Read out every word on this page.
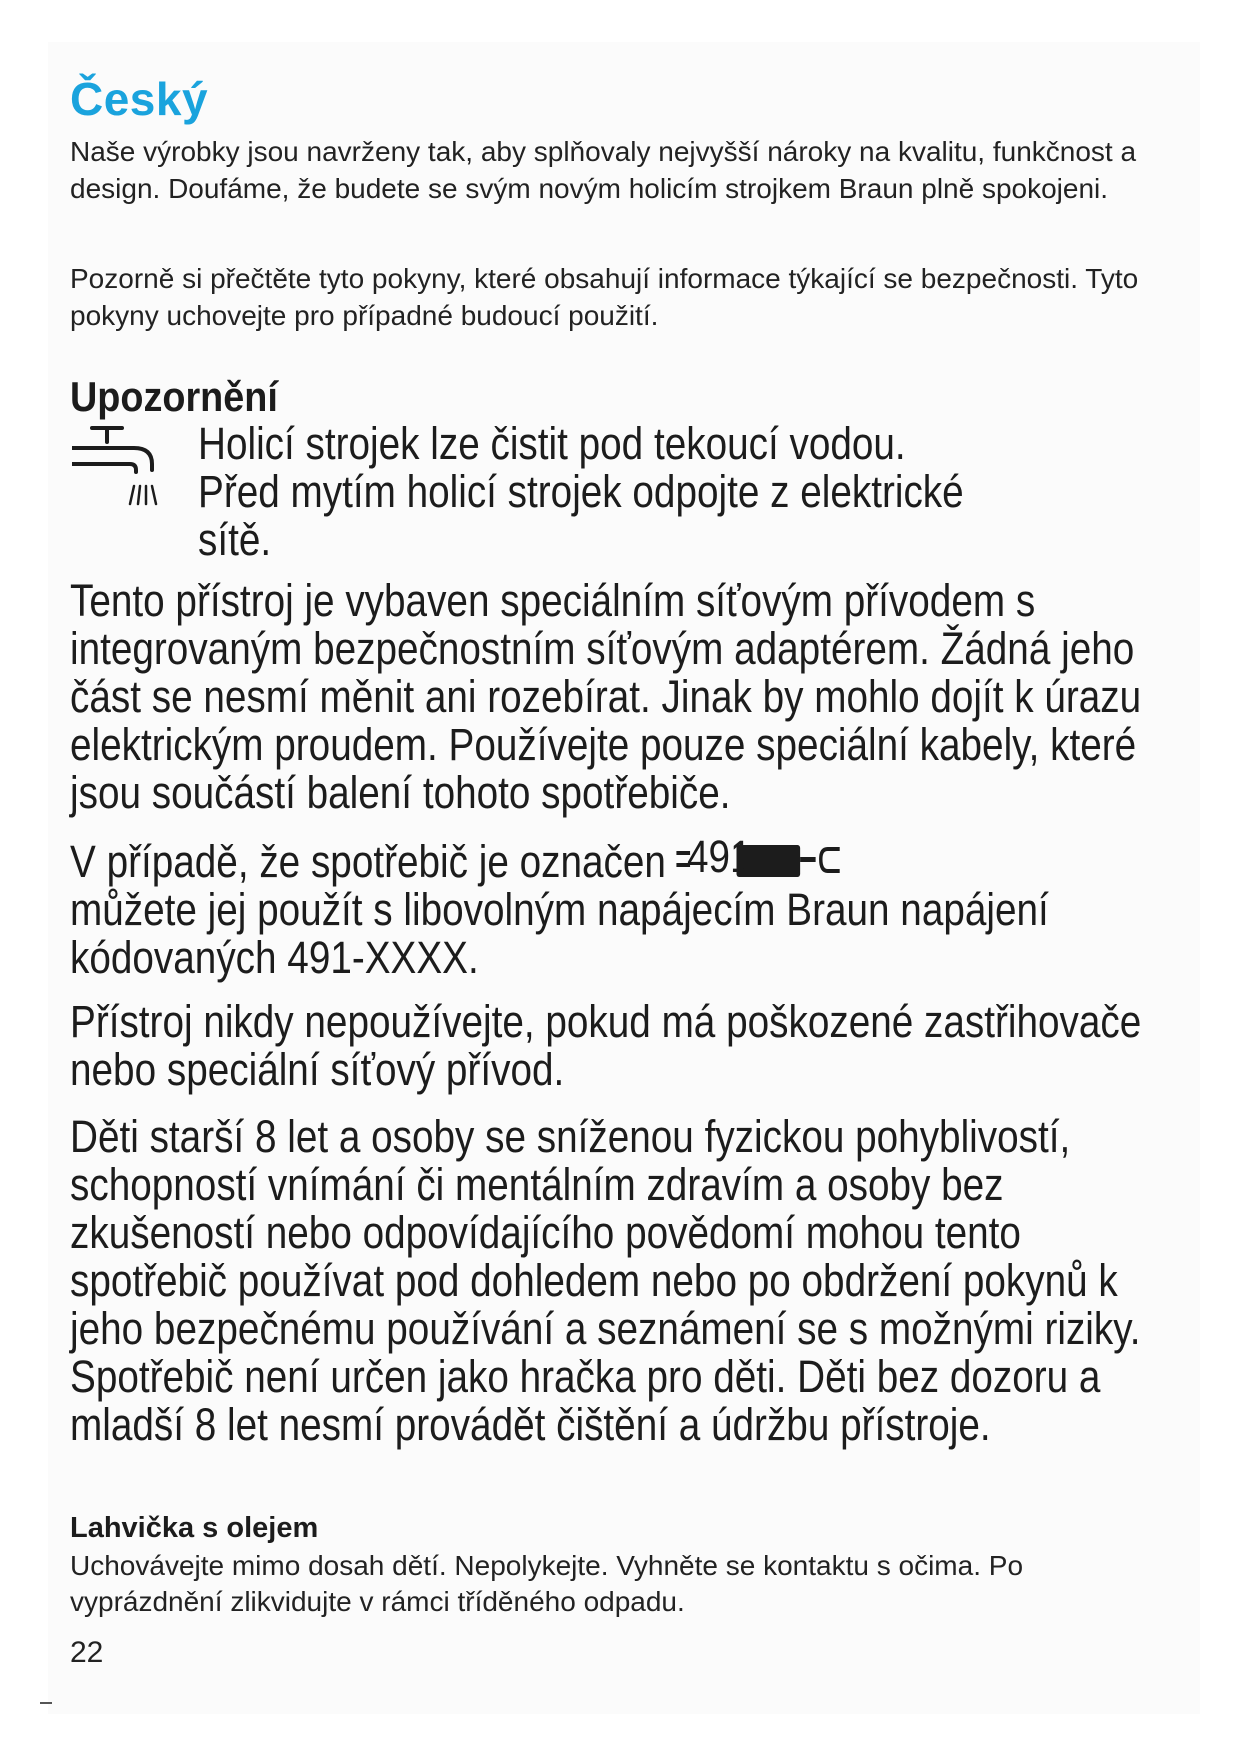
Český

Naše výrobky jsou navrženy tak, aby splňovaly nejvyšší nároky na kvalitu, funkčnost a design. Doufáme, že budete se svým novým holicím strojkem Braun plně spokojeni.

Pozorně si přečtěte tyto pokyny, které obsahují informace týkající se bezpečnosti. Tyto pokyny uchovejte pro případné budoucí použití.

Upozornění
Holicí strojek lze čistit pod tekoucí vodou.
Před mytím holicí strojek odpojte z elektrické
sítě.

Tento přístroj je vybaven speciálním síťovým přívodem s integrovaným bezpečnostním síťovým adaptérem. Žádná jeho část se nesmí měnit ani rozebírat. Jinak by mohlo dojít k úrazu elektrickým proudem. Používejte pouze speciální kabely, které jsou součástí balení tohoto spotřebiče.

V případě, že spotřebič je označen 491

můžete jej použít s libovolným napájecím Braun napájení kódovaných 491-XXXX.

Přístroj nikdy nepoužívejte, pokud má poškozené zastřihovače nebo speciální síťový přívod.

Děti starší 8 let a osoby se sníženou fyzickou pohyblivostí, schopností vnímání či mentálním zdravím a osoby bez zkušeností nebo odpovídajícího povědomí mohou tento spotřebič používat pod dohledem nebo po obdržení pokynů k jeho bezpečnému používání a seznámení se s možnými riziky. Spotřebič není určen jako hračka pro děti. Děti bez dozoru a mladší 8 let nesmí provádět čištění a údržbu přístroje.

Lahvička s olejem

Uchovávejte mimo dosah dětí. Nepolykejte. Vyhněte se kontaktu s očima. Po vyprázdnění zlikvidujte v rámci tříděného odpadu.

22
